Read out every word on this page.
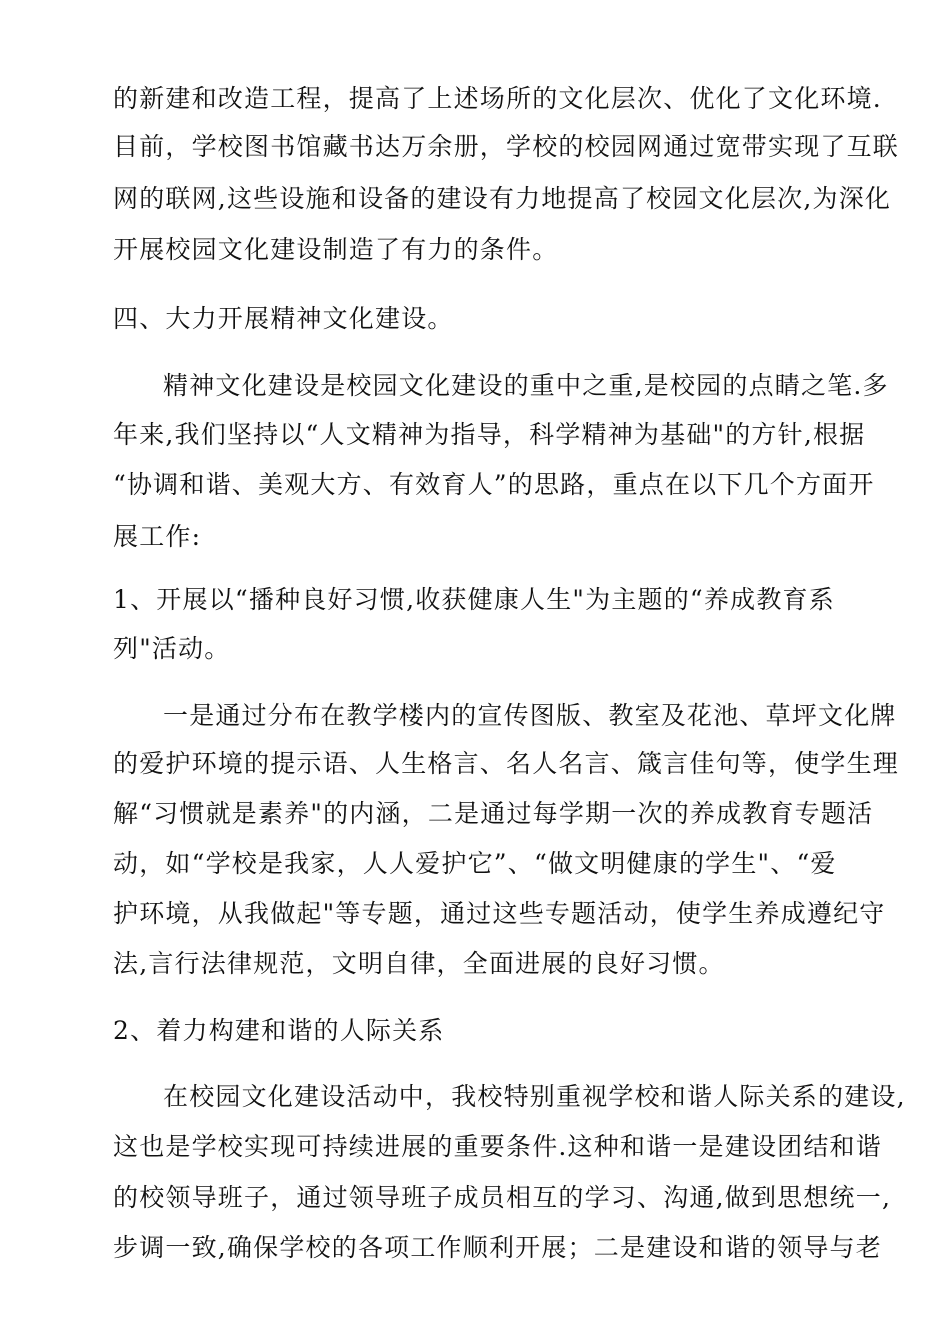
的新建和改造工程，提高了上述场所的文化层次、优化了文化环境.
目前，学校图书馆藏书达万余册，学校的校园网通过宽带实现了互联
网的联网,这些设施和设备的建设有力地提高了校园文化层次,为深化
开展校园文化建设制造了有力的条件。
四、大力开展精神文化建设。
精神文化建设是校园文化建设的重中之重,是校园的点睛之笔.多
年来,我们坚持以“人文精神为指导，科学精神为基础"的方针,根据
“协调和谐、美观大方、有效育人”的思路，重点在以下几个方面开
展工作:
1、开展以“播种良好习惯,收获健康人生"为主题的“养成教育系
列"活动。
一是通过分布在教学楼内的宣传图版、教室及花池、草坪文化牌
的爱护环境的提示语、人生格言、名人名言、箴言佳句等，使学生理
解“习惯就是素养"的内涵，二是通过每学期一次的养成教育专题活
动，如“学校是我家，人人爱护它”、“做文明健康的学生"、“爱
护环境，从我做起"等专题，通过这些专题活动，使学生养成遵纪守
法,言行法律规范，文明自律，全面进展的良好习惯。
2、着力构建和谐的人际关系
在校园文化建设活动中，我校特别重视学校和谐人际关系的建设,
这也是学校实现可持续进展的重要条件.这种和谐一是建设团结和谐
的校领导班子，通过领导班子成员相互的学习、沟通,做到思想统一,
步调一致,确保学校的各项工作顺利开展；二是建设和谐的领导与老
